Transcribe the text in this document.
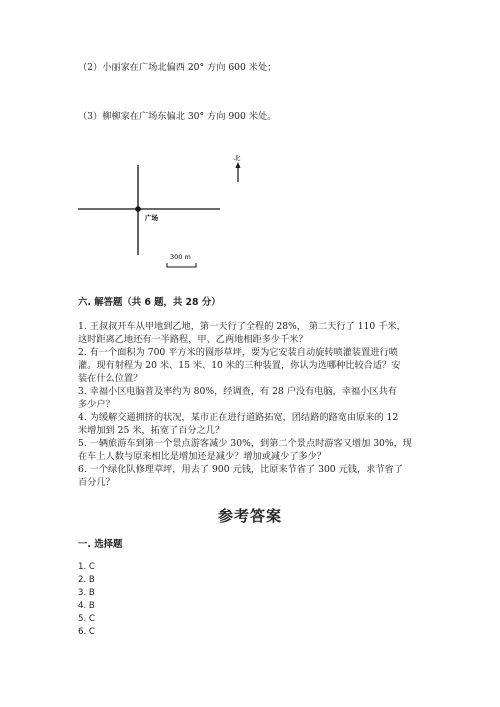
（2）小丽家在广场北偏西 20° 方向 600 米处；
（3）柳柳家在广场东偏北 30° 方向 900 米处。
广场
北
300 m
六. 解答题（共 6 题，共 28 分）
1. 王叔叔开车从甲地到乙地，第一天行了全程的 28%， 第二天行了 110 千米，
这时距离乙地还有一半路程，甲、乙两地相距多少千米？
2. 有一个面积为 700 平方米的圆形草坪，要为它安装自动旋转喷灌装置进行喷
灌。现有射程为 20 米、15 米、10 米的三种装置，你认为选哪种比较合适？安
装在什么位置？
3. 幸福小区电脑普及率约为 80%，经调查，有 28 户没有电脑，幸福小区共有
多少户？
4. 为缓解交通拥挤的状况，某市正在进行道路拓宽，团结路的路宽由原来的 12
米增加到 25 米，拓宽了百分之几？
5. 一辆旅游车到第一个景点游客减少 30%，到第二个景点时游客又增加 30%，现
在车上人数与原来相比是增加还是减少？增加或减少了多少？
6. 一个绿化队修理草坪，用去了 900 元钱，比原来节省了 300 元钱，求节省了
百分几？
参考答案
一. 选择题
1. C
2. B
3. B
4. B
5. C
6. C
